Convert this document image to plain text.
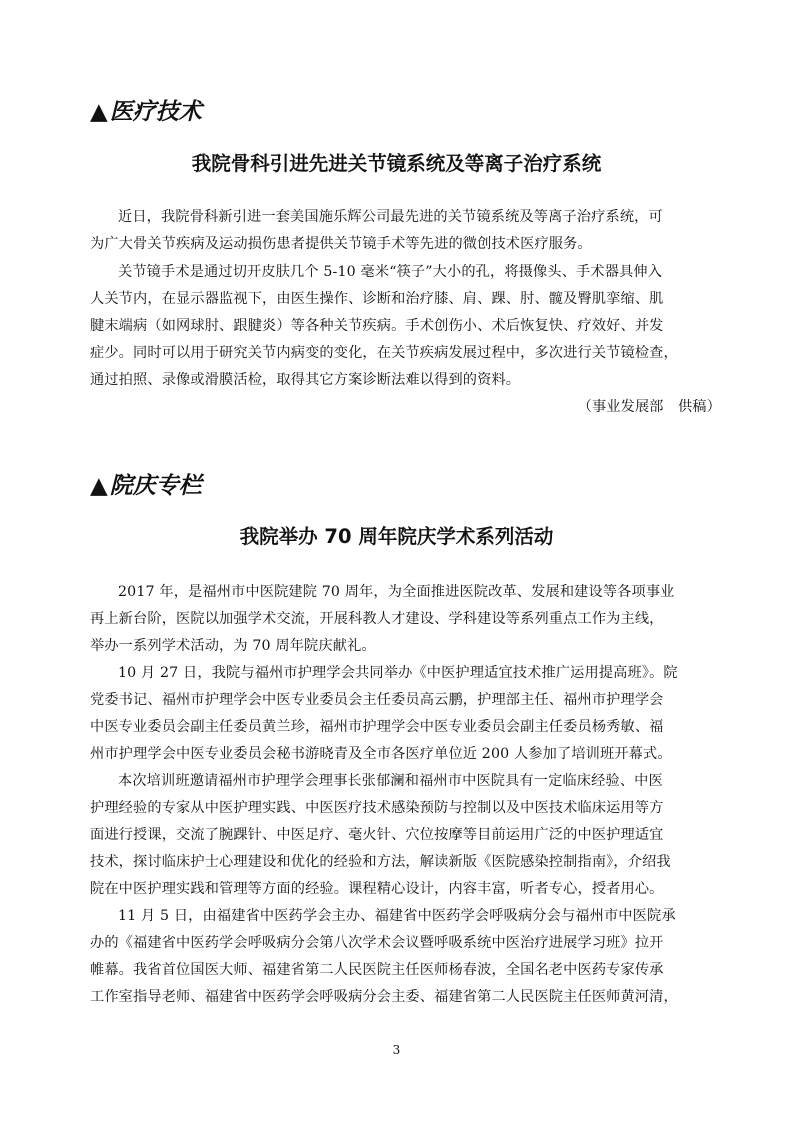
▲医疗技术
我院骨科引进先进关节镜系统及等离子治疗系统
近日，我院骨科新引进一套美国施乐辉公司最先进的关节镜系统及等离子治疗系统，可
为广大骨关节疾病及运动损伤患者提供关节镜手术等先进的微创技术医疗服务。
关节镜手术是通过切开皮肤几个 5-10 毫米“筷子”大小的孔，将摄像头、手术器具伸入
人关节内，在显示器监视下，由医生操作、诊断和治疗膝、肩、踝、肘、髋及臀肌挛缩、肌
腱末端病（如网球肘、跟腱炎）等各种关节疾病。手术创伤小、术后恢复快、疗效好、并发
症少。同时可以用于研究关节内病变的变化，在关节疾病发展过程中，多次进行关节镜检查，
通过拍照、录像或滑膜活检，取得其它方案诊断法难以得到的资料。
（事业发展部　供稿）
▲院庆专栏
我院举办 70 周年院庆学术系列活动
2017 年，是福州市中医院建院 70 周年，为全面推进医院改革、发展和建设等各项事业
再上新台阶，医院以加强学术交流，开展科教人才建设、学科建设等系列重点工作为主线，
举办一系列学术活动，为 70 周年院庆献礼。
10 月 27 日，我院与福州市护理学会共同举办《中医护理适宜技术推广运用提高班》。院
党委书记、福州市护理学会中医专业委员会主任委员高云鹏，护理部主任、福州市护理学会
中医专业委员会副主任委员黄兰珍，福州市护理学会中医专业委员会副主任委员杨秀敏、福
州市护理学会中医专业委员会秘书游晓青及全市各医疗单位近 200 人参加了培训班开幕式。
本次培训班邀请福州市护理学会理事长张郁澜和福州市中医院具有一定临床经验、中医
护理经验的专家从中医护理实践、中医医疗技术感染预防与控制以及中医技术临床运用等方
面进行授课，交流了腕踝针、中医足疗、毫火针、穴位按摩等目前运用广泛的中医护理适宜
技术，探讨临床护士心理建设和优化的经验和方法，解读新版《医院感染控制指南》，介绍我
院在中医护理实践和管理等方面的经验。课程精心设计，内容丰富，听者专心，授者用心。
11 月 5 日，由福建省中医药学会主办、福建省中医药学会呼吸病分会与福州市中医院承
办的《福建省中医药学会呼吸病分会第八次学术会议暨呼吸系统中医治疗进展学习班》拉开
帷幕。我省首位国医大师、福建省第二人民医院主任医师杨春波，全国名老中医药专家传承
工作室指导老师、福建省中医药学会呼吸病分会主委、福建省第二人民医院主任医师黄河清，
3
